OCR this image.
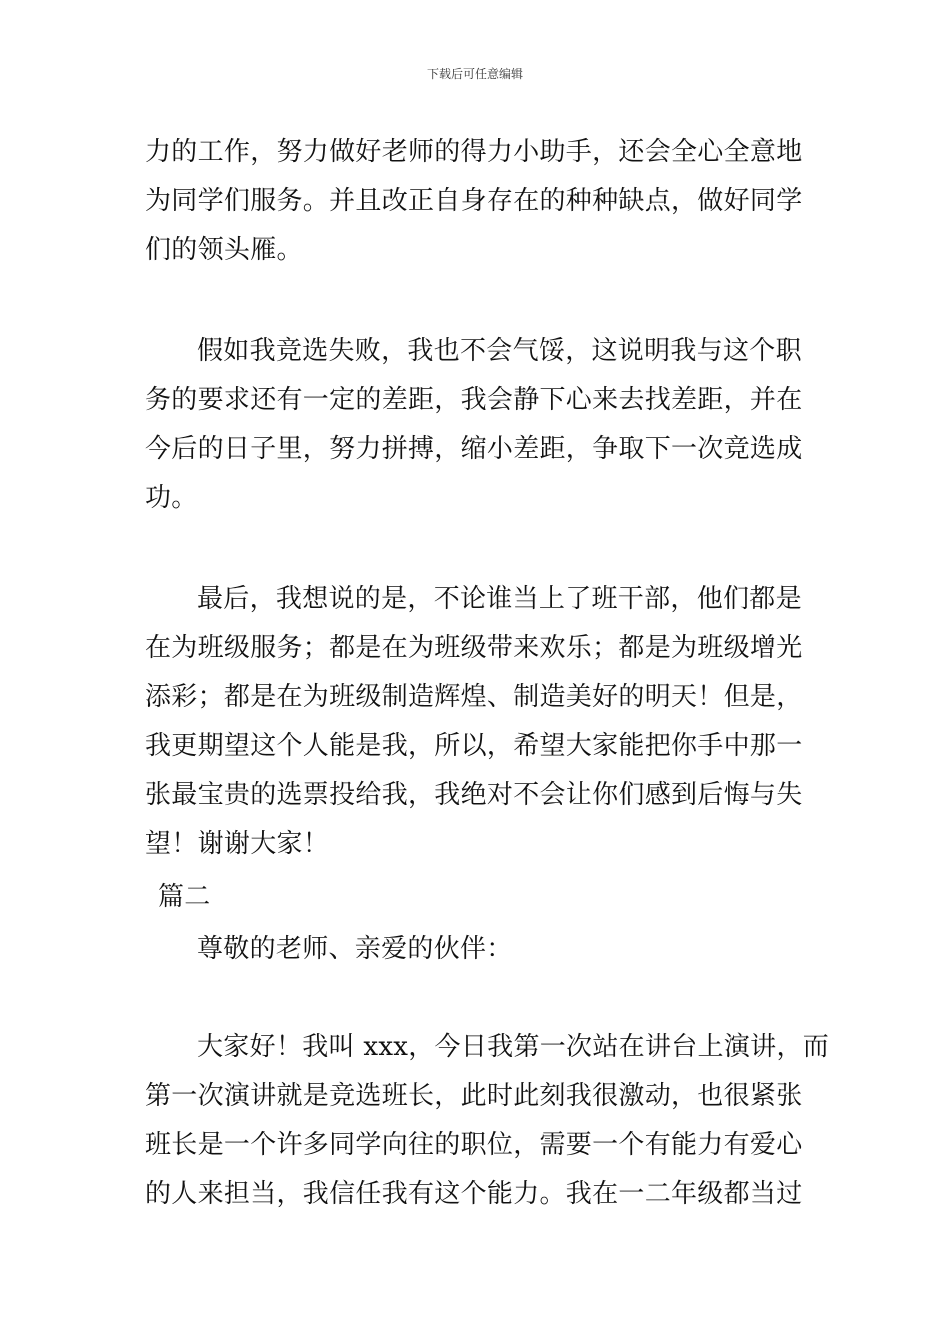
下载后可任意编辑
力的工作，努力做好老师的得力小助手，还会全心全意地
为同学们服务。并且改正自身存在的种种缺点，做好同学
们的领头雁。
假如我竞选失败，我也不会气馁，这说明我与这个职
务的要求还有一定的差距，我会静下心来去找差距，并在
今后的日子里，努力拼搏，缩小差距，争取下一次竞选成
功。
最后，我想说的是，不论谁当上了班干部，他们都是
在为班级服务；都是在为班级带来欢乐；都是为班级增光
添彩；都是在为班级制造辉煌、制造美好的明天！但是，
我更期望这个人能是我，所以，希望大家能把你手中那一
张最宝贵的选票投给我，我绝对不会让你们感到后悔与失
望！谢谢大家！
篇二
尊敬的老师、亲爱的伙伴：
大家好！我叫 xxx，今日我第一次站在讲台上演讲，而
第一次演讲就是竞选班长，此时此刻我很激动，也很紧张
班长是一个许多同学向往的职位，需要一个有能力有爱心
的人来担当，我信任我有这个能力。我在一二年级都当过
